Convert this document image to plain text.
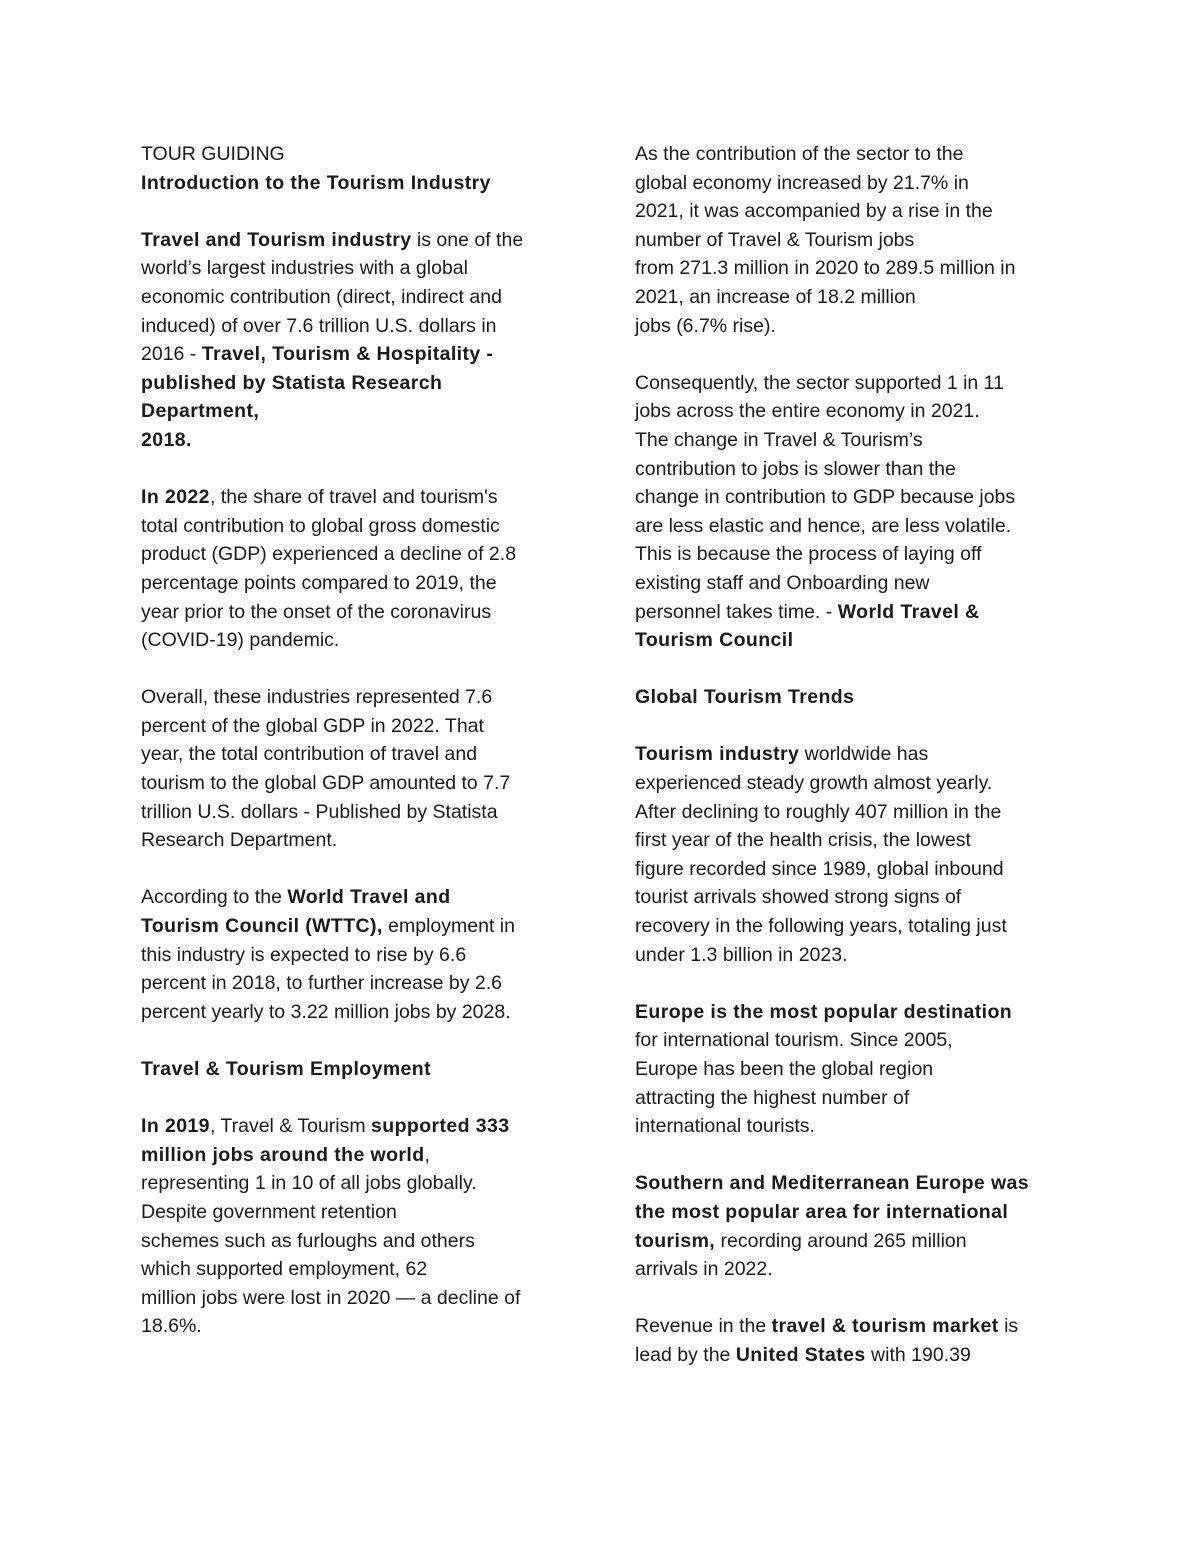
TOUR GUIDING
Introduction to the Tourism Industry
Travel and Tourism industry is one of the
world’s largest industries with a global
economic contribution (direct, indirect and
induced) of over 7.6 trillion U.S. dollars in
2016 - Travel, Tourism & Hospitality -
published by Statista Research
Department,
2018.
In 2022, the share of travel and tourism's
total contribution to global gross domestic
product (GDP) experienced a decline of 2.8
percentage points compared to 2019, the
year prior to the onset of the coronavirus
(COVID-19) pandemic.
Overall, these industries represented 7.6
percent of the global GDP in 2022. That
year, the total contribution of travel and
tourism to the global GDP amounted to 7.7
trillion U.S. dollars - Published by Statista
Research Department.
According to the World Travel and
Tourism Council (WTTC), employment in
this industry is expected to rise by 6.6
percent in 2018, to further increase by 2.6
percent yearly to 3.22 million jobs by 2028.
Travel & Tourism Employment
In 2019, Travel & Tourism supported 333
million jobs around the world,
representing 1 in 10 of all jobs globally.
Despite government retention
schemes such as furloughs and others
which supported employment, 62
million jobs were lost in 2020 — a decline of
18.6%.
As the contribution of the sector to the
global economy increased by 21.7% in
2021, it was accompanied by a rise in the
number of Travel & Tourism jobs
from 271.3 million in 2020 to 289.5 million in
2021, an increase of 18.2 million
jobs (6.7% rise).
Consequently, the sector supported 1 in 11
jobs across the entire economy in 2021.
The change in Travel & Tourism’s
contribution to jobs is slower than the
change in contribution to GDP because jobs
are less elastic and hence, are less volatile.
This is because the process of laying off
existing staff and Onboarding new
personnel takes time. - World Travel &
Tourism Council
Global Tourism Trends
Tourism industry worldwide has
experienced steady growth almost yearly.
After declining to roughly 407 million in the
first year of the health crisis, the lowest
figure recorded since 1989, global inbound
tourist arrivals showed strong signs of
recovery in the following years, totaling just
under 1.3 billion in 2023.
Europe is the most popular destination
for international tourism. Since 2005,
Europe has been the global region
attracting the highest number of
international tourists.
Southern and Mediterranean Europe was
the most popular area for international
tourism, recording around 265 million
arrivals in 2022.
Revenue in the travel & tourism market is
lead by the United States with 190.39
